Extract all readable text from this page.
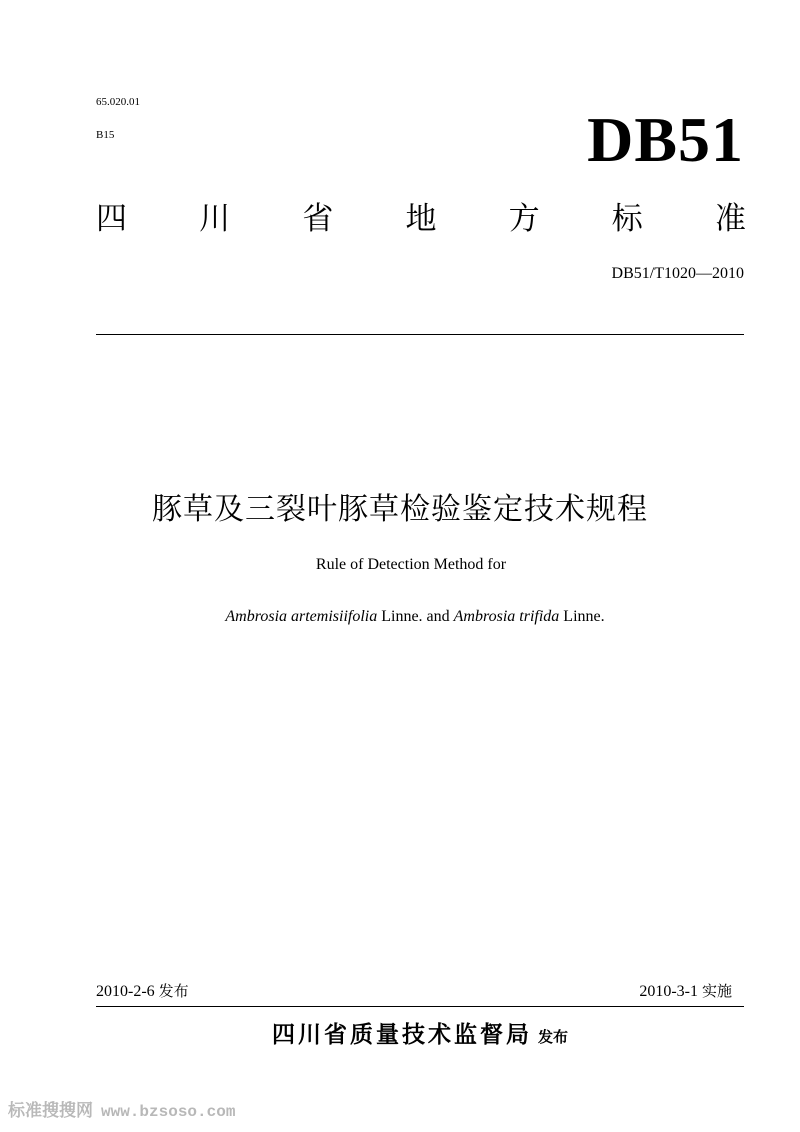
65.020.01
B15	DB51
四 川 省 地 方 标 准
DB51/T1020—2010
豚草及三裂叶豚草检验鉴定技术规程
Rule of Detection Method for
Ambrosia artemisiifolia Linne. and Ambrosia trifida Linne.
2010-2-6 发布	2010-3-1 实施
四川省质量技术监督局 发布
标准搜搜网 www.bzsoso.com
